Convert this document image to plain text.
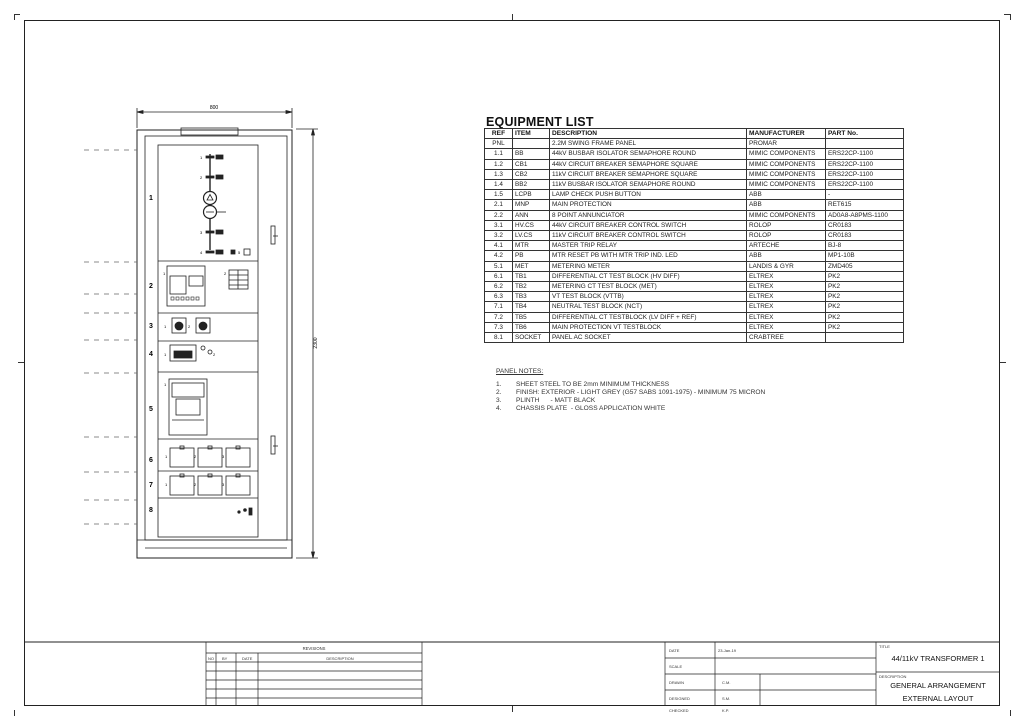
800
2300
1
2
3
4
5
6
7
8
1
2
3
4	5
1	2
1	2
1	2
1
1	2	3
1	2	3
EQUIPMENT LIST
REF	ITEM	DESCRIPTION	MANUFACTURER	PART No.
PNL		2.2M SWING FRAME PANEL	PROMAR	
1.1	BB	44kV BUSBAR ISOLATOR SEMAPHORE ROUND	MIMIC COMPONENTS	ERS22CP-1100
1.2	CB1	44kV CIRCUIT BREAKER SEMAPHORE SQUARE	MIMIC COMPONENTS	ERS22CP-1100
1.3	CB2	11kV CIRCUIT BREAKER SEMAPHORE SQUARE	MIMIC COMPONENTS	ERS22CP-1100
1.4	BB2	11kV BUSBAR ISOLATOR SEMAPHORE ROUND	MIMIC COMPONENTS	ERS22CP-1100
1.5	LCPB	LAMP CHECK PUSH BUTTON	ABB	-
2.1	MNP	MAIN PROTECTION	ABB	RET615
2.2	ANN	8 POINT ANNUNCIATOR	MIMIC COMPONENTS	AD0A8-A8PMS-1100
3.1	HV.CS	44kV CIRCUIT BREAKER CONTROL SWITCH	ROLOP	CR0183
3.2	LV.CS	11kV CIRCUIT BREAKER CONTROL SWITCH	ROLOP	CR0183
4.1	MTR	MASTER TRIP RELAY	ARTECHE	BJ-8
4.2	PB	MTR RESET PB WITH MTR TRIP IND. LED	ABB	MP1-10B
5.1	MET	METERING METER	LANDIS & GYR	ZMD405
6.1	TB1	DIFFERENTIAL CT TEST BLOCK (HV DIFF)	ELTREX	PK2
6.2	TB2	METERING CT TEST BLOCK (MET)	ELTREX	PK2
6.3	TB3	VT TEST BLOCK (VTTB)	ELTREX	PK2
7.1	TB4	NEUTRAL TEST BLOCK (NCT)	ELTREX	PK2
7.2	TB5	DIFFERENTIAL CT TESTBLOCK (LV DIFF + REF)	ELTREX	PK2
7.3	TB6	MAIN PROTECTION VT TESTBLOCK	ELTREX	PK2
8.1	SOCKET	PANEL AC SOCKET	CRABTREE	
PANEL NOTES:
1.	SHEET STEEL TO BE 2mm MINIMUM THICKNESS
2.	FINISH: EXTERIOR - LIGHT GREY (G57 SABS 1091-1975) - MINIMUM 75 MICRON
3.	PLINTH      - MATT BLACK
4.	CHASSIS PLATE  - GLOSS APPLICATION WHITE
REVISIONS
NO BY	DATE	DESCRIPTION
DATE	23-Jan-19
SCALE
DRAWN	C.M.
DESIGNED	S.M.
CHECKED	K.P.
TITLE
44/11kV TRANSFORMER 1
DESCRIPTION
GENERAL ARRANGEMENT
EXTERNAL LAYOUT
